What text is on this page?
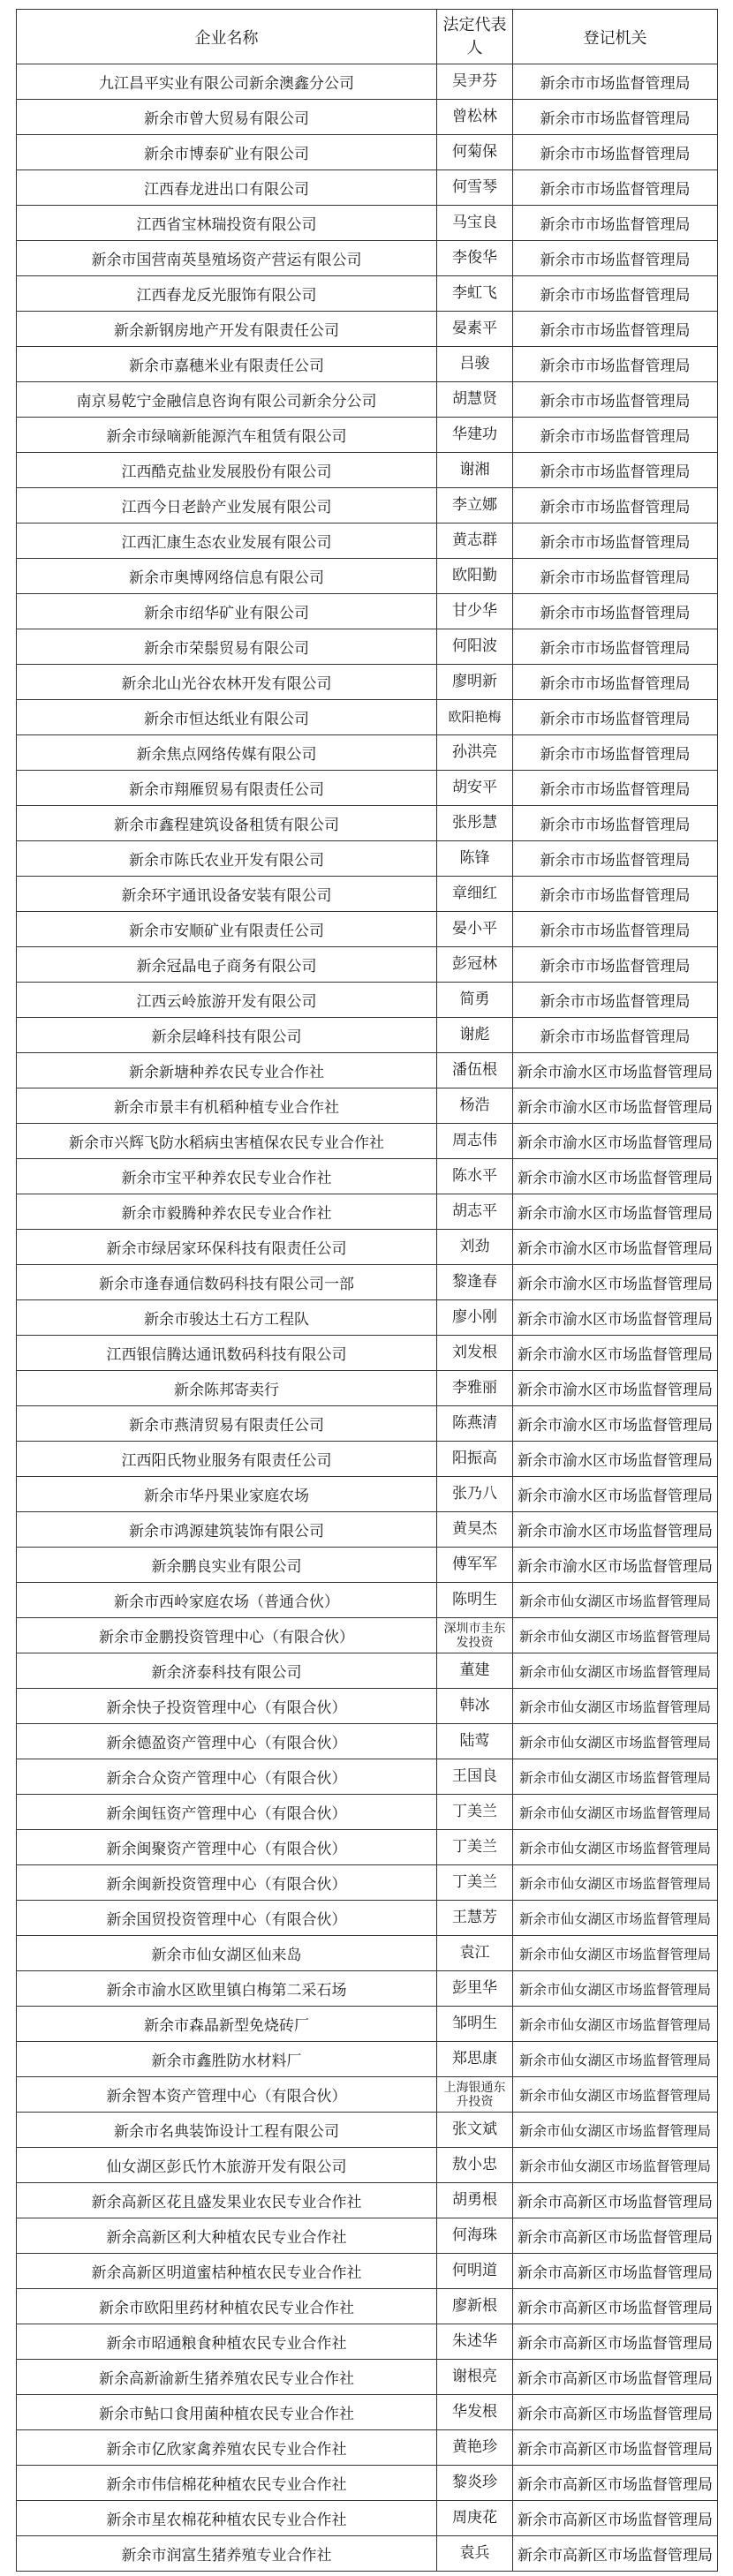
企业名称	法定代表人	登记机关
九江昌平实业有限公司新余澳鑫分公司	吴尹芬	新余市市场监督管理局
新余市曾大贸易有限公司	曾松林	新余市市场监督管理局
新余市博泰矿业有限公司	何菊保	新余市市场监督管理局
江西春龙进出口有限公司	何雪琴	新余市市场监督管理局
江西省宝林瑞投资有限公司	马宝良	新余市市场监督管理局
新余市国营南英垦殖场资产营运有限公司	李俊华	新余市市场监督管理局
江西春龙反光服饰有限公司	李虹飞	新余市市场监督管理局
新余新钢房地产开发有限责任公司	晏素平	新余市市场监督管理局
新余市嘉穗米业有限责任公司	吕骏	新余市市场监督管理局
南京易乾宁金融信息咨询有限公司新余分公司	胡慧贤	新余市市场监督管理局
新余市绿嘀新能源汽车租赁有限公司	华建功	新余市市场监督管理局
江西酷克盐业发展股份有限公司	谢湘	新余市市场监督管理局
江西今日老龄产业发展有限公司	李立娜	新余市市场监督管理局
江西汇康生态农业发展有限公司	黄志群	新余市市场监督管理局
新余市奥博网络信息有限公司	欧阳勤	新余市市场监督管理局
新余市绍华矿业有限公司	甘少华	新余市市场监督管理局
新余市荣鬃贸易有限公司	何阳波	新余市市场监督管理局
新余北山光谷农林开发有限公司	廖明新	新余市市场监督管理局
新余市恒达纸业有限公司	欧阳艳梅	新余市市场监督管理局
新余焦点网络传媒有限公司	孙洪亮	新余市市场监督管理局
新余市翔雁贸易有限责任公司	胡安平	新余市市场监督管理局
新余市鑫程建筑设备租赁有限公司	张彤慧	新余市市场监督管理局
新余市陈氏农业开发有限公司	陈锋	新余市市场监督管理局
新余环宇通讯设备安装有限公司	章细红	新余市市场监督管理局
新余市安顺矿业有限责任公司	晏小平	新余市市场监督管理局
新余冠晶电子商务有限公司	彭冠林	新余市市场监督管理局
江西云岭旅游开发有限公司	简勇	新余市市场监督管理局
新余层峰科技有限公司	谢彪	新余市市场监督管理局
新余新塘种养农民专业合作社	潘伍根	新余市渝水区市场监督管理局
新余市景丰有机稻种植专业合作社	杨浩	新余市渝水区市场监督管理局
新余市兴辉飞防水稻病虫害植保农民专业合作社	周志伟	新余市渝水区市场监督管理局
新余市宝平种养农民专业合作社	陈水平	新余市渝水区市场监督管理局
新余市毅腾种养农民专业合作社	胡志平	新余市渝水区市场监督管理局
新余市绿居家环保科技有限责任公司	刘劲	新余市渝水区市场监督管理局
新余市逢春通信数码科技有限公司一部	黎逢春	新余市渝水区市场监督管理局
新余市骏达土石方工程队	廖小刚	新余市渝水区市场监督管理局
江西银信腾达通讯数码科技有限公司	刘发根	新余市渝水区市场监督管理局
新余陈邦寄卖行	李雅丽	新余市渝水区市场监督管理局
新余市燕清贸易有限责任公司	陈燕清	新余市渝水区市场监督管理局
江西阳氏物业服务有限责任公司	阳振高	新余市渝水区市场监督管理局
新余市华丹果业家庭农场	张乃八	新余市渝水区市场监督管理局
新余市鸿源建筑装饰有限公司	黄昊杰	新余市渝水区市场监督管理局
新余鹏良实业有限公司	傅军军	新余市渝水区市场监督管理局
新余市西岭家庭农场（普通合伙）	陈明生	新余市仙女湖区市场监督管理局
新余市金鹏投资管理中心（有限合伙）	深圳市圭东发投资	新余市仙女湖区市场监督管理局
新余济泰科技有限公司	董建	新余市仙女湖区市场监督管理局
新余快子投资管理中心（有限合伙）	韩冰	新余市仙女湖区市场监督管理局
新余德盈资产管理中心（有限合伙）	陆莺	新余市仙女湖区市场监督管理局
新余合众资产管理中心（有限合伙）	王国良	新余市仙女湖区市场监督管理局
新余闽钰资产管理中心（有限合伙）	丁美兰	新余市仙女湖区市场监督管理局
新余闽聚资产管理中心（有限合伙）	丁美兰	新余市仙女湖区市场监督管理局
新余闽新投资管理中心（有限合伙）	丁美兰	新余市仙女湖区市场监督管理局
新余国贸投资管理中心（有限合伙）	王慧芳	新余市仙女湖区市场监督管理局
新余市仙女湖区仙来岛	袁江	新余市仙女湖区市场监督管理局
新余市渝水区欧里镇白梅第二采石场	彭里华	新余市仙女湖区市场监督管理局
新余市森晶新型免烧砖厂	邹明生	新余市仙女湖区市场监督管理局
新余市鑫胜防水材料厂	郑思康	新余市仙女湖区市场监督管理局
新余智本资产管理中心（有限合伙）	上海银通东升投资	新余市仙女湖区市场监督管理局
新余市名典装饰设计工程有限公司	张文斌	新余市仙女湖区市场监督管理局
仙女湖区彭氏竹木旅游开发有限公司	敖小忠	新余市仙女湖区市场监督管理局
新余高新区花且盛发果业农民专业合作社	胡勇根	新余市高新区市场监督管理局
新余高新区利大种植农民专业合作社	何海珠	新余市高新区市场监督管理局
新余高新区明道蜜桔种植农民专业合作社	何明道	新余市高新区市场监督管理局
新余市欧阳里药材种植农民专业合作社	廖新根	新余市高新区市场监督管理局
新余市昭通粮食种植农民专业合作社	朱述华	新余市高新区市场监督管理局
新余高新渝新生猪养殖农民专业合作社	谢根亮	新余市高新区市场监督管理局
新余市鲇口食用菌种植农民专业合作社	华发根	新余市高新区市场监督管理局
新余市亿欣家禽养殖农民专业合作社	黄艳珍	新余市高新区市场监督管理局
新余市伟信棉花种植农民专业合作社	黎炎珍	新余市高新区市场监督管理局
新余市星农棉花种植农民专业合作社	周庚花	新余市高新区市场监督管理局
新余市润富生猪养殖专业合作社	袁兵	新余市高新区市场监督管理局
